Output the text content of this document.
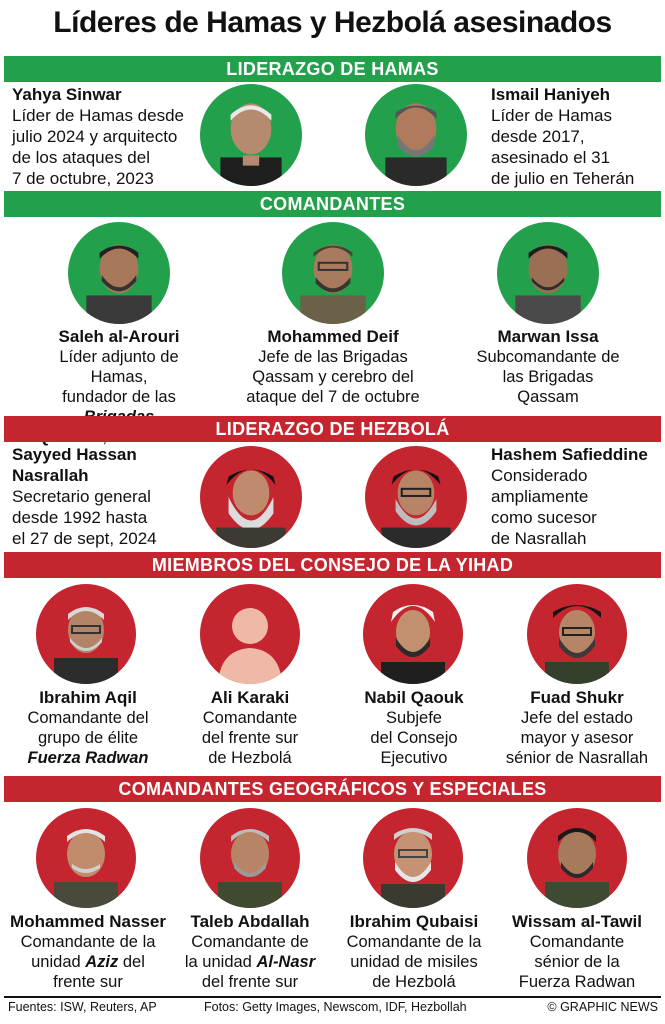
Líderes de Hamas y Hezbolá asesinados
LIDERAZGO DE HAMAS
Yahya Sinwar
Líder de Hamas desde
julio 2024 y arquitecto
de los ataques del
7 de octubre, 2023
Ismail Haniyeh
Líder de Hamas
desde 2017,
asesinado el 31
de julio en Teherán
COMANDANTES
Saleh al-Arouri
Líder adjunto de Hamas,
fundador de las
Mohammed Deif
Jefe de las Brigadas
Qassam y cerebro del
ataque del 7 de octubre
Marwan Issa
Subcomandante de
las Brigadas
Qassam
LIDERAZGO DE HEZBOLÁ
Sayyed Hassan
Nasrallah
Secretario general
desde 1992 hasta
el 27 de sept, 2024
Hashem Safieddine
Considerado
ampliamente
como sucesor
de Nasrallah
MIEMBROS DEL CONSEJO DE LA YIHAD
Ibrahim Aqil
Comandante del
grupo de élite
Fuerza Radwan
Ali Karaki
Comandante
del frente sur
de Hezbolá
Nabil Qaouk
Subjefe
del Consejo
Ejecutivo
Fuad Shukr
Jefe del estado
mayor y asesor
sénior de Nasrallah
COMANDANTES GEOGRÁFICOS Y ESPECIALES
Mohammed Nasser
Comandante de la
unidad Aziz del
frente sur
Taleb Abdallah
Comandante de
la unidad Al-Nasr
del frente sur
Ibrahim Qubaisi
Comandante de la
unidad de misiles
de Hezbolá
Wissam al-Tawil
Comandante
sénior de la
Fuerza Radwan
Fuentes: ISW, Reuters, AP	Fotos: Getty Images, Newscom, IDF, Hezbollah	© GRAPHIC NEWS
